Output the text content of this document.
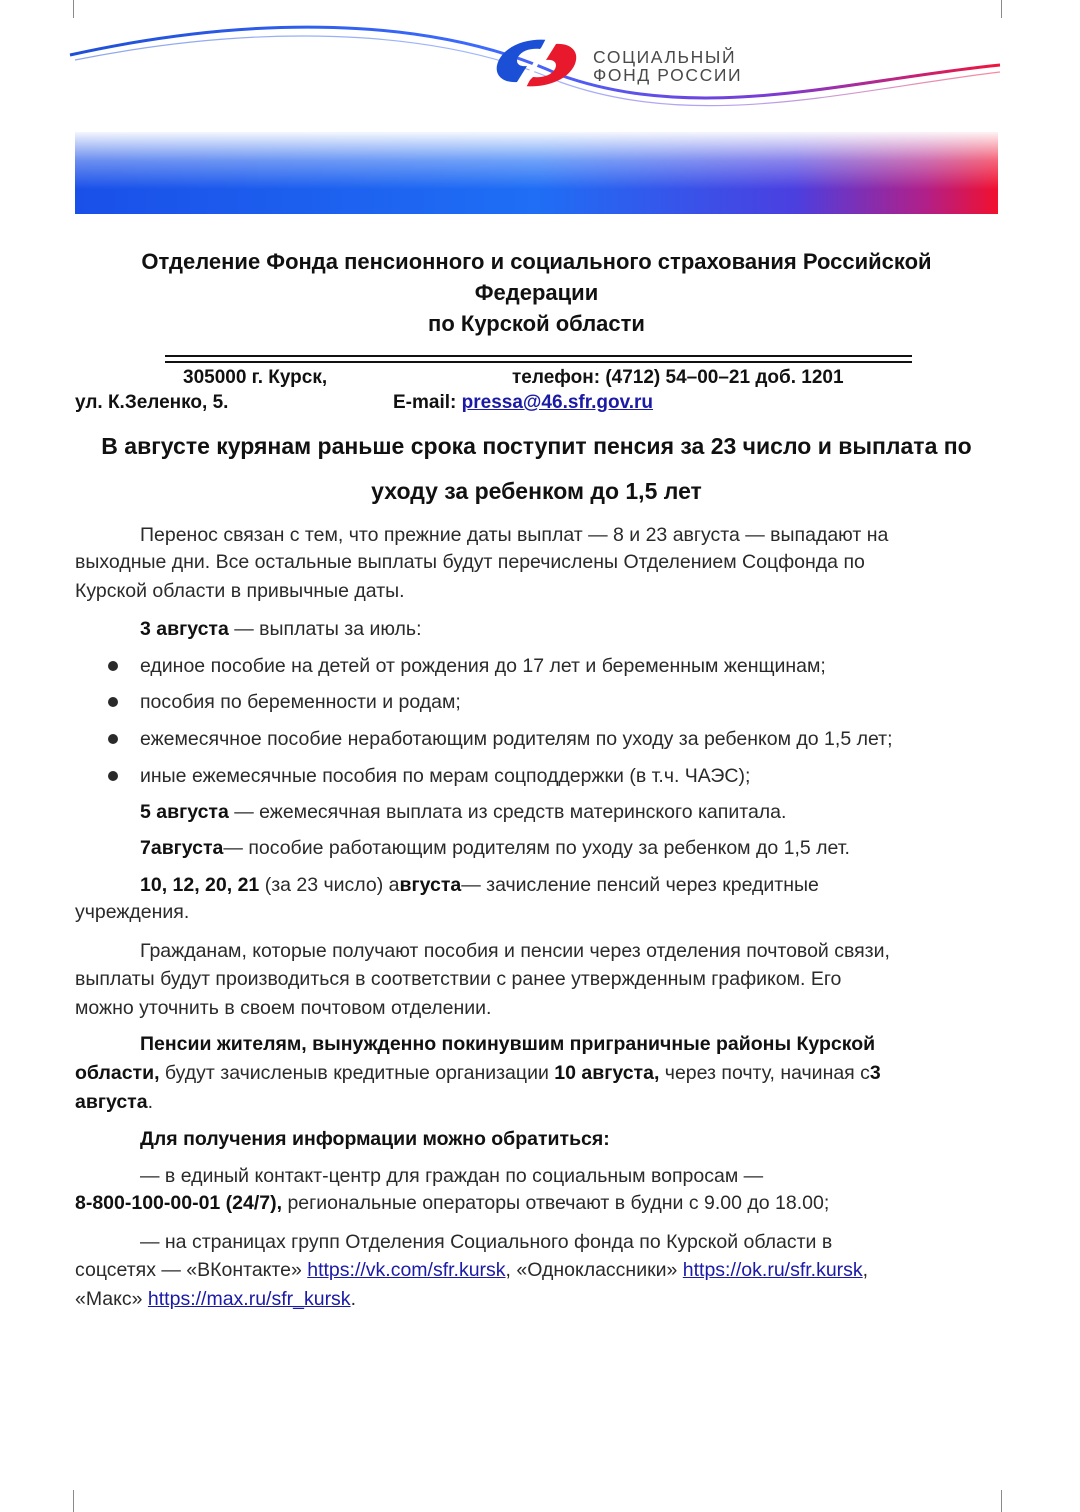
СОЦИАЛЬНЫЙ
ФОНД РОССИИ
Отделение Фонда пенсионного и социального страхования Российской
Федерации
по Курской области
305000 г. Курск,	телефон: (4712) 54–00–21 доб. 1201
ул. К.Зеленко, 5.	E-mail: pressa@46.sfr.gov.ru
В августе курянам раньше срока поступит пенсия за 23 число и выплата по
уходу за ребенком до 1,5 лет
Перенос связан с тем, что прежние даты выплат — 8 и 23 августа — выпадают на
выходные дни. Все остальные выплаты будут перечислены Отделением Соцфонда по
Курской области в привычные даты.
3 августа — выплаты за июль:
единое пособие на детей от рождения до 17 лет и беременным женщинам;
пособия по беременности и родам;
ежемесячное пособие неработающим родителям по уходу за ребенком до 1,5 лет;
иные ежемесячные пособия по мерам соцподдержки (в т.ч. ЧАЭС);
5 августа — ежемесячная выплата из средств материнского капитала.
7августа— пособие работающим родителям по уходу за ребенком до 1,5 лет.
10, 12, 20, 21 (за 23 число) августа— зачисление пенсий через кредитные
учреждения.
Гражданам, которые получают пособия и пенсии через отделения почтовой связи,
выплаты будут производиться в соответствии с ранее утвержденным графиком. Его
можно уточнить в своем почтовом отделении.
Пенсии жителям, вынужденно покинувшим приграничные районы Курской
области, будут зачисленыв кредитные организации 10 августа, через почту, начиная с3
августа.
Для получения информации можно обратиться:
— в единый контакт-центр для граждан по социальным вопросам —
8-800-100-00-01 (24/7), региональные операторы отвечают в будни с 9.00 до 18.00;
— на страницах групп Отделения Социального фонда по Курской области в
соцсетях — «ВКонтакте» https://vk.com/sfr.kursk, «Одноклассники» https://ok.ru/sfr.kursk,
«Макс» https://max.ru/sfr_kursk.
